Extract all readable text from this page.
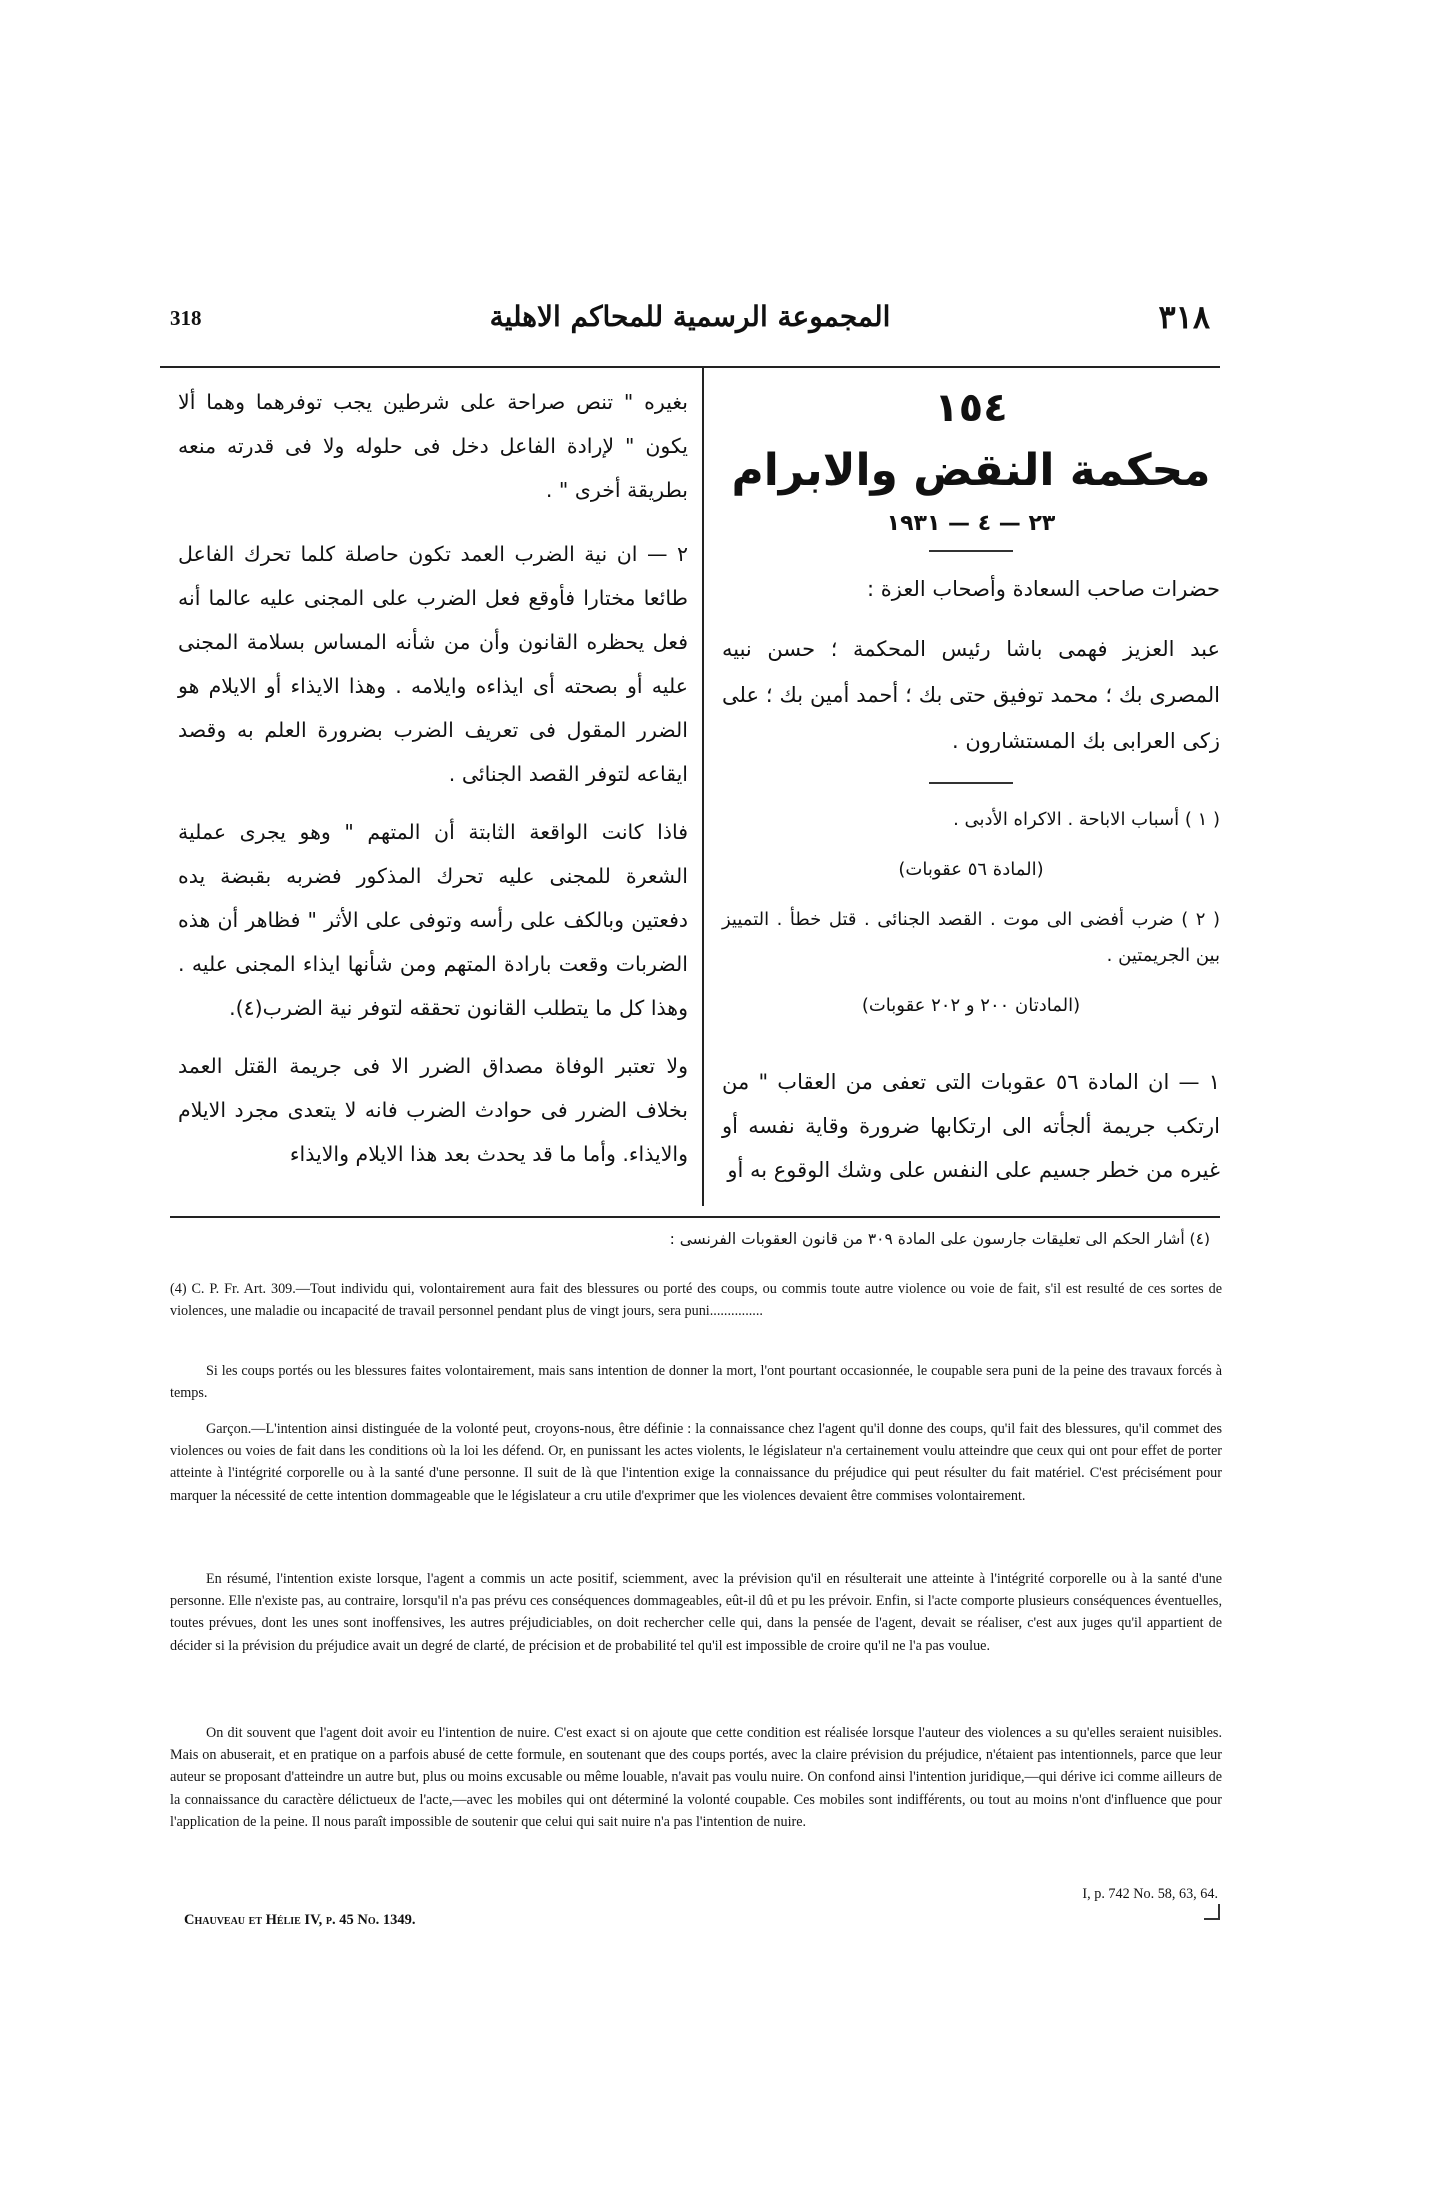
318	المجموعة الرسمية للمحاكم الاهلية	٣١٨
١٥٤
محكمة النقض والابرام
٢٣ — ٤ — ١٩٣١

حضرات صاحب السعادة وأصحاب العزة :

عبد العزيز فهمى باشا رئيس المحكمة ؛ حسن نبيه المصرى بك ؛ محمد توفيق حتى بك ؛ أحمد أمين بك ؛ على زكى العرابى بك المستشارون .

( ١ ) أسباب الاباحة . الاكراه الأدبى .

(المادة ٥٦ عقوبات)

( ٢ ) ضرب أفضى الى موت . القصد الجنائى . قتل خطأ . التمييز بين الجريمتين .

(المادتان ٢٠٠ و ٢٠٢ عقوبات)

١ — ان المادة ٥٦ عقوبات التى تعفى من العقاب " من ارتكب جريمة ألجأته الى ارتكابها ضرورة وقاية نفسه أو غيره من خطر جسيم على النفس على وشك الوقوع به أو

بغيره " تنص صراحة على شرطين يجب توفرهما وهما ألا يكون " لإرادة الفاعل دخل فى حلوله ولا فى قدرته منعه بطريقة أخرى " .

٢ — ان نية الضرب العمد تكون حاصلة كلما تحرك الفاعل طائعا مختارا فأوقع فعل الضرب على المجنى عليه عالما أنه فعل يحظره القانون وأن من شأنه المساس بسلامة المجنى عليه أو بصحته أى ايذاءه وايلامه . وهذا الايذاء أو الايلام هو الضرر المقول فى تعريف الضرب بضرورة العلم به وقصد ايقاعه لتوفر القصد الجنائى .

فاذا كانت الواقعة الثابتة أن المتهم " وهو يجرى عملية الشعرة للمجنى عليه تحرك المذكور فضربه بقبضة يده دفعتين وبالكف على رأسه وتوفى على الأثر " فظاهر أن هذه الضربات وقعت بارادة المتهم ومن شأنها ايذاء المجنى عليه . وهذا كل ما يتطلب القانون تحققه لتوفر نية الضرب(٤).

ولا تعتبر الوفاة مصداق الضرر الا فى جريمة القتل العمد بخلاف الضرر فى حوادث الضرب فانه لا يتعدى مجرد الايلام والايذاء. وأما ما قد يحدث بعد هذا الايلام والايذاء

(٤) أشار الحكم الى تعليقات جارسون على المادة ٣٠٩ من قانون العقوبات الفرنسى :

(4) C. P. Fr. Art. 309.—Tout individu qui, volontairement aura fait des blessures ou porté des coups, ou commis toute autre violence ou voie de fait, s'il est resulté de ces sortes de violences, une maladie ou incapacité de travail personnel pendant plus de vingt jours, sera puni...............

Si les coups portés ou les blessures faites volontairement, mais sans intention de donner la mort, l'ont pourtant occasionnée, le coupable sera puni de la peine des travaux forcés à temps.

Garçon.—L'intention ainsi distinguée de la volonté peut, croyons-nous, être définie : la connaissance chez l'agent qu'il donne des coups, qu'il fait des blessures, qu'il commet des violences ou voies de fait dans les conditions où la loi les défend. Or, en punissant les actes violents, le législateur n'a certainement voulu atteindre que ceux qui ont pour effet de porter atteinte à l'intégrité corporelle ou à la santé d'une personne. Il suit de là que l'intention exige la connaissance du préjudice qui peut résulter du fait matériel. C'est précisément pour marquer la nécessité de cette intention dommageable que le législateur a cru utile d'exprimer que les violences devaient être commises volontairement.

En résumé, l'intention existe lorsque, l'agent a commis un acte positif, sciemment, avec la prévision qu'il en résulterait une atteinte à l'intégrité corporelle ou à la santé d'une personne. Elle n'existe pas, au contraire, lorsqu'il n'a pas prévu ces conséquences dommageables, eût-il dû et pu les prévoir. Enfin, si l'acte comporte plusieurs conséquences éventuelles, toutes prévues, dont les unes sont inoffensives, les autres préjudiciables, on doit rechercher celle qui, dans la pensée de l'agent, devait se réaliser, c'est aux juges qu'il appartient de décider si la prévision du préjudice avait un degré de clarté, de précision et de probabilité tel qu'il est impossible de croire qu'il ne l'a pas voulue.

On dit souvent que l'agent doit avoir eu l'intention de nuire. C'est exact si on ajoute que cette condition est réalisée lorsque l'auteur des violences a su qu'elles seraient nuisibles. Mais on abuserait, et en pratique on a parfois abusé de cette formule, en soutenant que des coups portés, avec la claire prévision du préjudice, n'étaient pas intentionnels, parce que leur auteur se proposant d'atteindre un autre but, plus ou moins excusable ou même louable, n'avait pas voulu nuire. On confond ainsi l'intention juridique,—qui dérive ici comme ailleurs de la connaissance du caractère délictueux de l'acte,—avec les mobiles qui ont déterminé la volonté coupable. Ces mobiles sont indifférents, ou tout au moins n'ont d'influence que pour l'application de la peine. Il nous paraît impossible de soutenir que celui qui sait nuire n'a pas l'intention de nuire.

I, p. 742 No. 58, 63, 64.
Chauveau et Hélie IV, p. 45 No. 1349.
